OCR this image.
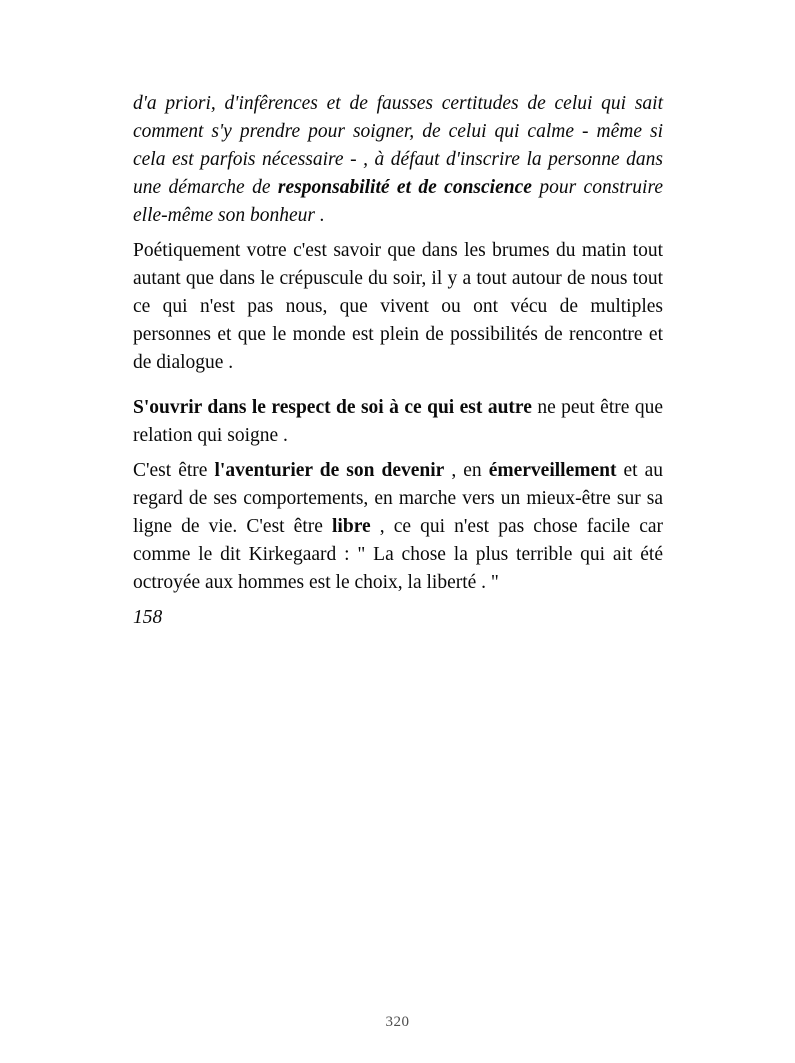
d'a priori, d'infêrences et de fausses certitudes de celui qui sait comment s'y prendre pour soigner, de celui qui calme - même si cela est parfois nécessaire - , à défaut d'inscrire la personne dans une démarche de responsabilité et de conscience pour construire elle-même son bonheur .

Poétiquement votre c'est savoir que dans les brumes du matin tout autant que dans le crépuscule du soir, il y a tout autour de nous tout ce qui n'est pas nous, que vivent ou ont vécu de multiples personnes et que le monde est plein de possibilités de rencontre et de dialogue .

S'ouvrir dans le respect de soi à ce qui est autre ne peut être que relation qui soigne .

C'est être l'aventurier de son devenir , en émerveillement et au regard de ses comportements, en marche vers un mieux-être sur sa ligne de vie. C'est être libre , ce qui n'est pas chose facile car comme le dit Kirkegaard : " La chose la plus terrible qui ait été octroyée aux hommes est le choix, la liberté . "

158
320
